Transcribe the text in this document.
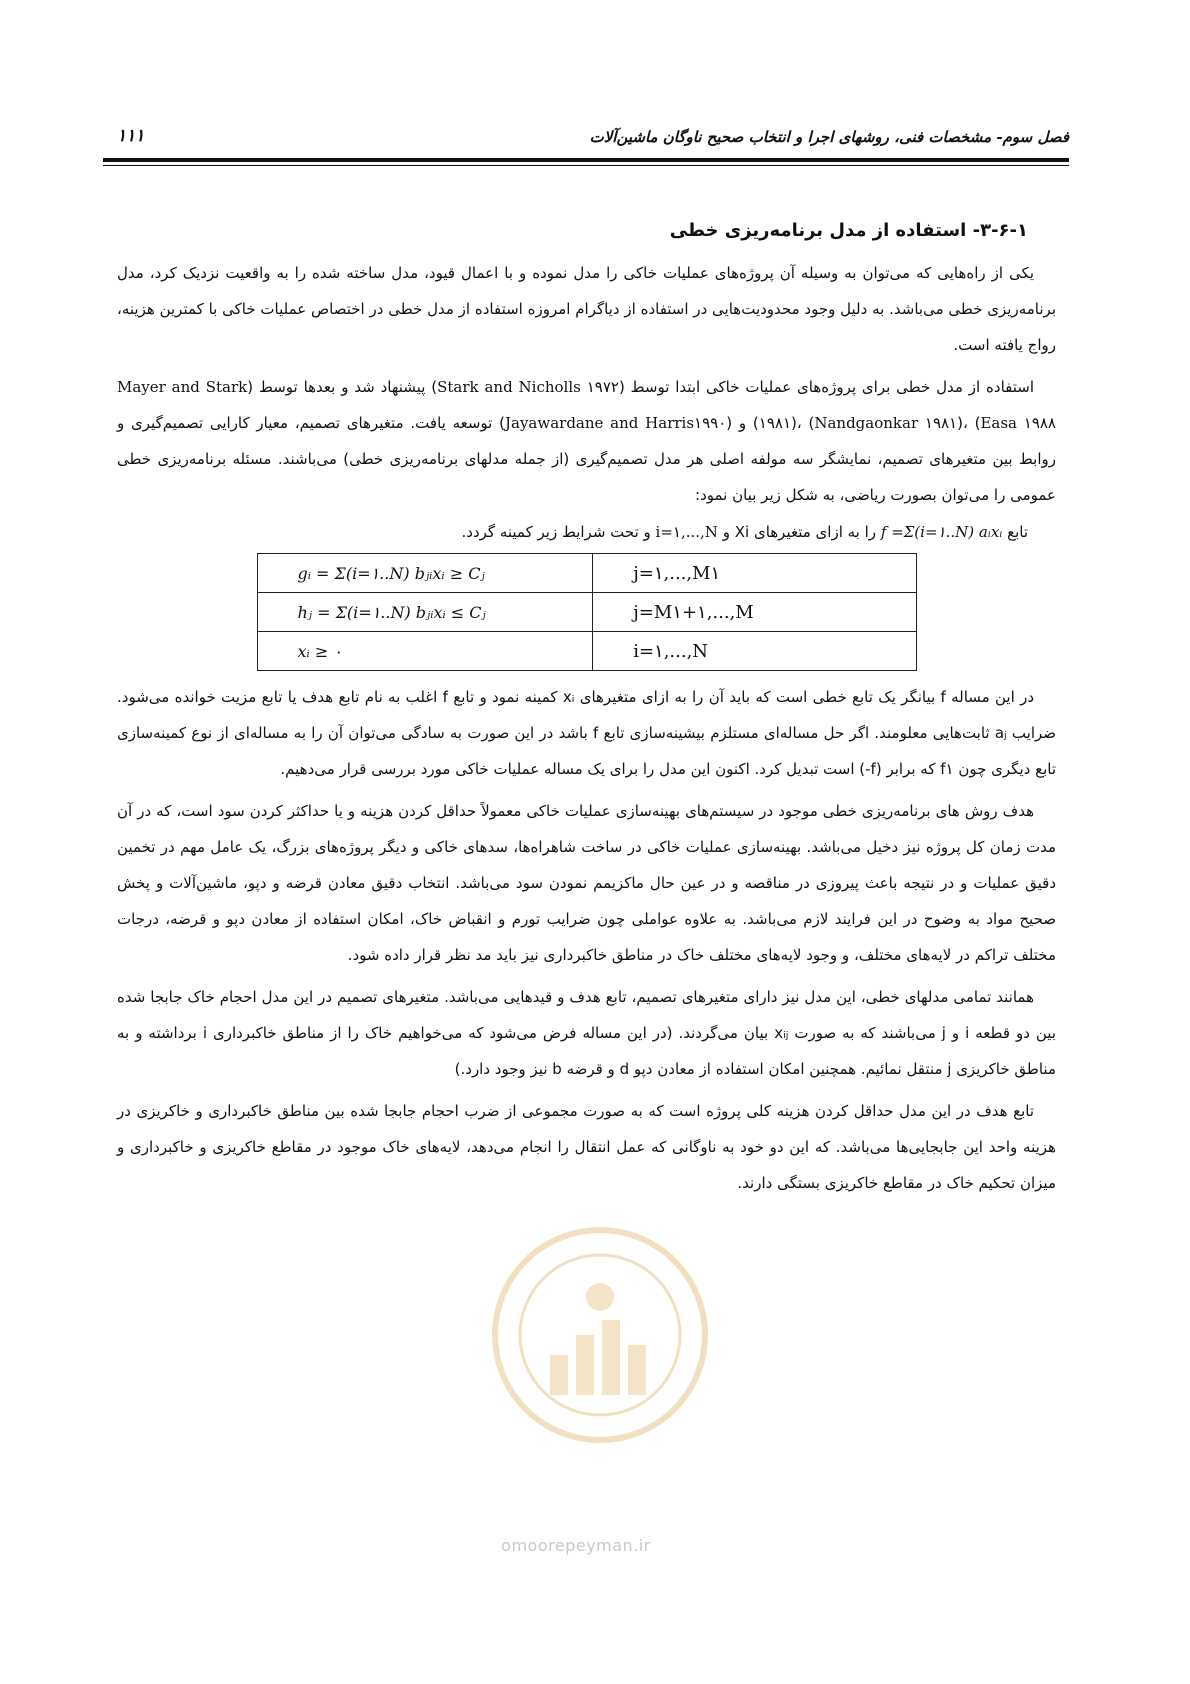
فصل سوم- مشخصات فنی، روشهای اجرا و انتخاب صحیح ناوگان ماشین‌آلات
۱۱۱
۳-۶-۱- استفاده از مدل برنامه‌ریزی خطی

یکی از راه‌هایی که می‌توان به وسیله آن پروژه‌های عملیات خاکی را مدل نموده و با اعمال قیود، مدل ساخته شده را به واقعیت نزدیک کرد، مدل برنامه‌ریزی خطی می‌باشد. به دلیل وجود محدودیت‌هایی در استفاده از دیاگرام امروزه استفاده از مدل خطی در اختصاص عملیات خاکی با کمترین هزینه، رواج یافته است.

استفاده از مدل خطی برای پروژه‌های عملیات خاکی ابتدا توسط (Stark and Nicholls ۱۹۷۲) پیشنهاد شد و بعدها توسط (Mayer and Stark ۱۹۸۱)، (Nandgaonkar ۱۹۸۱)، (Easa ۱۹۸۸) و (Jayawardane and Harris۱۹۹۰) توسعه یافت. متغیرهای تصمیم، معیار کارایی تصمیم‌گیری و روابط بین متغیرهای تصمیم، نمایشگر سه مولفه اصلی هر مدل تصمیم‌گیری (از جمله مدلهای برنامه‌ریزی خطی) می‌باشند. مسئله برنامه‌ریزی خطی عمومی را می‌توان بصورت ریاضی، به شکل زیر بیان نمود:

تابع f =Σ(i=۱..N) aᵢxᵢ را به ازای متغیرهای Xi و i=۱,...,N و تحت شرایط زیر کمینه گردد.
gᵢ = Σ(i=۱..N) bⱼᵢxᵢ ≥ Cⱼ	j=۱,...,M۱
hⱼ = Σ(i=۱..N) bⱼᵢxᵢ ≤ Cⱼ	j=M۱+۱,...,M
xᵢ ≥ ۰	i=۱,...,N

در این مساله f بیانگر یک تابع خطی است که باید آن را به ازای متغیرهای xᵢ کمینه نمود و تابع f اغلب به نام تابع هدف یا تابع مزیت خوانده می‌شود. ضرایب aⱼ ثابت‌هایی معلومند. اگر حل مساله‌ای مستلزم بیشینه‌سازی تابع f باشد در این صورت به سادگی می‌توان آن را به مساله‌ای از نوع کمینه‌سازی تابع دیگری چون f۱ که برابر (f-) است تبدیل کرد. اکنون این مدل را برای یک مساله عملیات خاکی مورد بررسی قرار می‌دهیم.

هدف روش های برنامه‌ریزی خطی موجود در سیستم‌های بهینه‌سازی عملیات خاکی معمولاً حداقل کردن هزینه و یا حداکثر کردن سود است، که در آن مدت زمان کل پروژه نیز دخیل می‌باشد. بهینه‌سازی عملیات خاکی در ساخت شاهراه‌ها، سدهای خاکی و دیگر پروژه‌های بزرگ، یک عامل مهم در تخمین دقیق عملیات و در نتیجه باعث پیروزی در مناقصه و در عین حال ماکزیمم نمودن سود می‌باشد. انتخاب دقیق معادن قرضه و دپو، ماشین‌آلات و پخش صحیح مواد به وضوح در این فرایند لازم می‌باشد. به علاوه عواملی چون ضرایب تورم و انقباض خاک، امکان استفاده از معادن دپو و قرضه، درجات مختلف تراکم در لایه‌های مختلف، و وجود لایه‌های مختلف خاک در مناطق خاکبرداری نیز باید مد نظر قرار داده شود.

همانند تمامی مدلهای خطی، این مدل نیز دارای متغیرهای تصمیم، تابع هدف و قیدهایی می‌باشد. متغیرهای تصمیم در این مدل احجام خاک جابجا شده بین دو قطعه i و j می‌باشند که به صورت xᵢⱼ بیان می‌گردند. (در این مساله فرض می‌شود که می‌خواهیم خاک را از مناطق خاکبرداری i برداشته و به مناطق خاکریزی j منتقل نمائیم. همچنین امکان استفاده از معادن دپو d و قرضه b نیز وجود دارد.)

تابع هدف در این مدل حداقل کردن هزینه کلی پروژه است که به صورت مجموعی از ضرب احجام جابجا شده بین مناطق خاکبرداری و خاکریزی در هزینه واحد این جابجایی‌ها می‌باشد. که این دو خود به ناوگانی که عمل انتقال را انجام می‌دهد، لایه‌های خاک موجود در مقاطع خاکریزی و خاکبرداری و میزان تحکیم خاک در مقاطع خاکریزی بستگی دارند.

omoorepeyman.ir
